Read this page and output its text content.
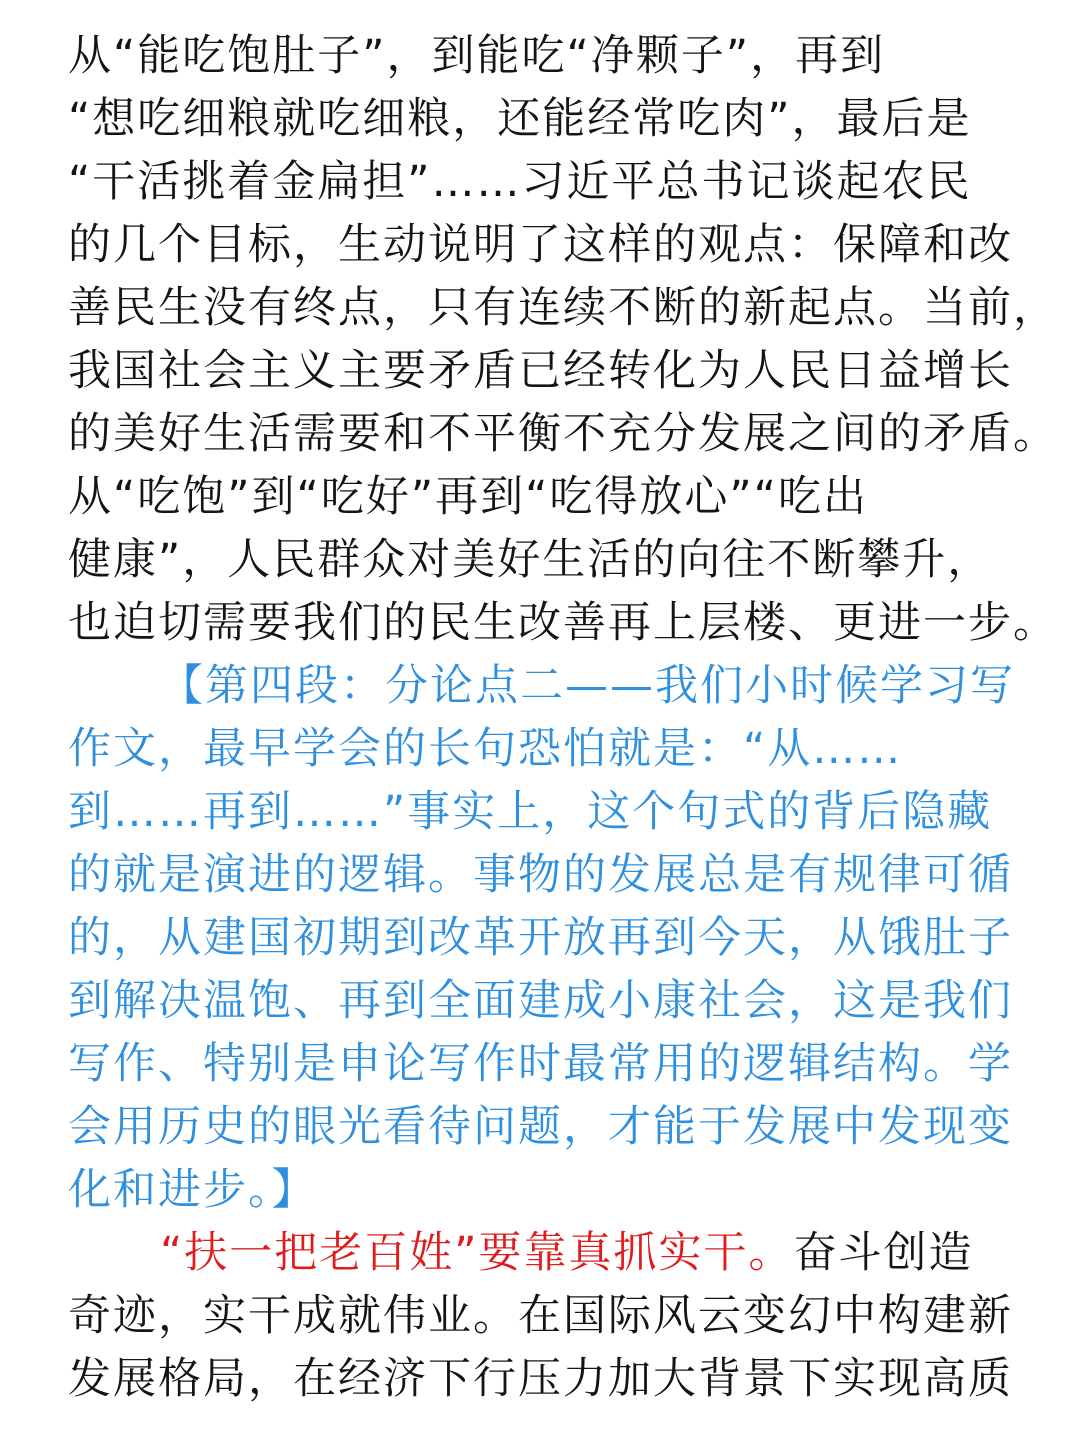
从“能吃饱肚子”，到能吃“净颗子”，再到
“想吃细粮就吃细粮，还能经常吃肉”，最后是
“干活挑着金扁担”……习近平总书记谈起农民
的几个目标，生动说明了这样的观点：保障和改
善民生没有终点，只有连续不断的新起点。当前，
我国社会主义主要矛盾已经转化为人民日益增长
的美好生活需要和不平衡不充分发展之间的矛盾。
从“吃饱”到“吃好”再到“吃得放心”“吃出
健康”，人民群众对美好生活的向往不断攀升，
也迫切需要我们的民生改善再上层楼、更进一步。
【第四段：分论点二——我们小时候学习写
作文，最早学会的长句恐怕就是：“从……
到……再到……”事实上，这个句式的背后隐藏
的就是演进的逻辑。事物的发展总是有规律可循
的，从建国初期到改革开放再到今天，从饿肚子
到解决温饱、再到全面建成小康社会，这是我们
写作、特别是申论写作时最常用的逻辑结构。学
会用历史的眼光看待问题，才能于发展中发现变
化和进步。】
“扶一把老百姓”要靠真抓实干。奋斗创造
奇迹，实干成就伟业。在国际风云变幻中构建新
发展格局，在经济下行压力加大背景下实现高质
